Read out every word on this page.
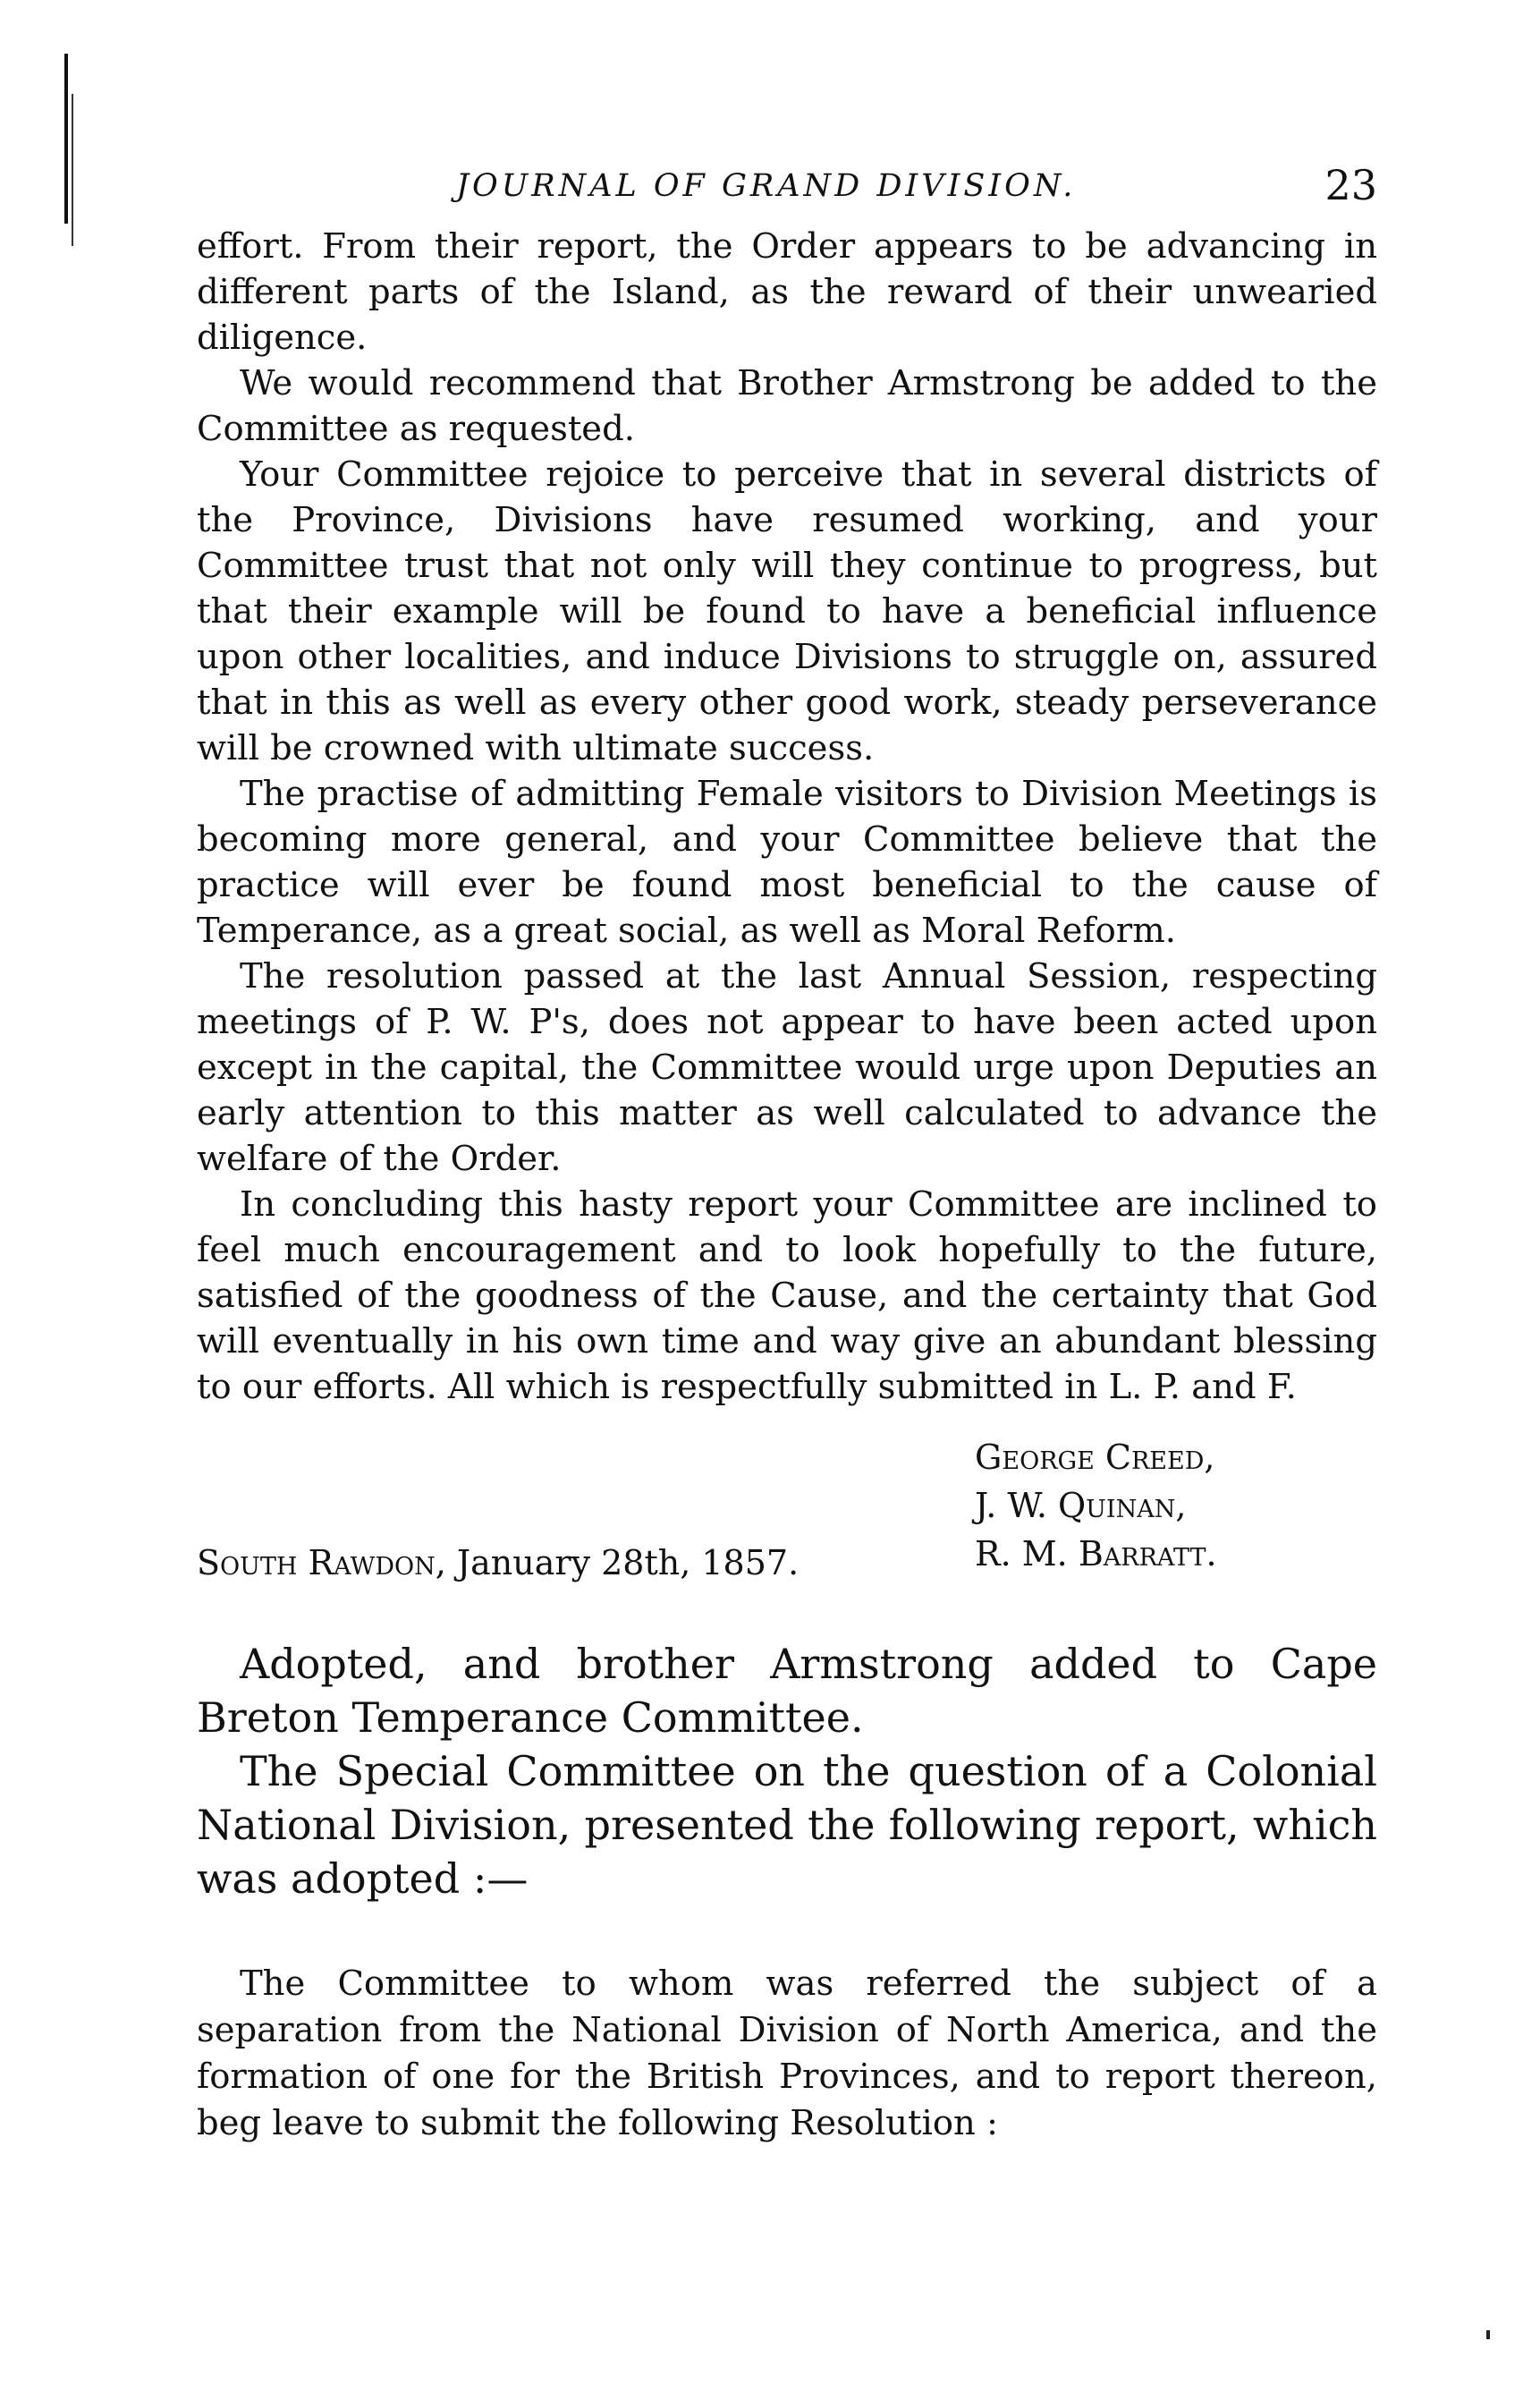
JOURNAL OF GRAND DIVISION.	23

effort. From their report, the Order appears to be advancing in different parts of the Island, as the reward of their unwearied diligence.

We would recommend that Brother Armstrong be added to the Committee as requested.

Your Committee rejoice to perceive that in several districts of the Province, Divisions have resumed working, and your Committee trust that not only will they continue to progress, but that their example will be found to have a beneficial influence upon other localities, and induce Divisions to struggle on, assured that in this as well as every other good work, steady perseverance will be crowned with ultimate success.

The practise of admitting Female visitors to Division Meetings is becoming more general, and your Committee believe that the practice will ever be found most beneficial to the cause of Temperance, as a great social, as well as Moral Reform.

The resolution passed at the last Annual Session, respecting meetings of P. W. P's, does not appear to have been acted upon except in the capital, the Committee would urge upon Deputies an early attention to this matter as well calculated to advance the welfare of the Order.

In concluding this hasty report your Committee are inclined to feel much encouragement and to look hopefully to the future, satisfied of the goodness of the Cause, and the certainty that God will eventually in his own time and way give an abundant blessing to our efforts. All which is respectfully submitted in L. P. and F.

George Creed,
J. W. Quinan,
R. M. Barratt.
South Rawdon, January 28th, 1857.

Adopted, and brother Armstrong added to Cape Breton Temperance Committee.

The Special Committee on the question of a Colonial National Division, presented the following report, which was adopted :—

The Committee to whom was referred the subject of a separation from the National Division of North America, and the formation of one for the British Provinces, and to report thereon, beg leave to submit the following Resolution :
